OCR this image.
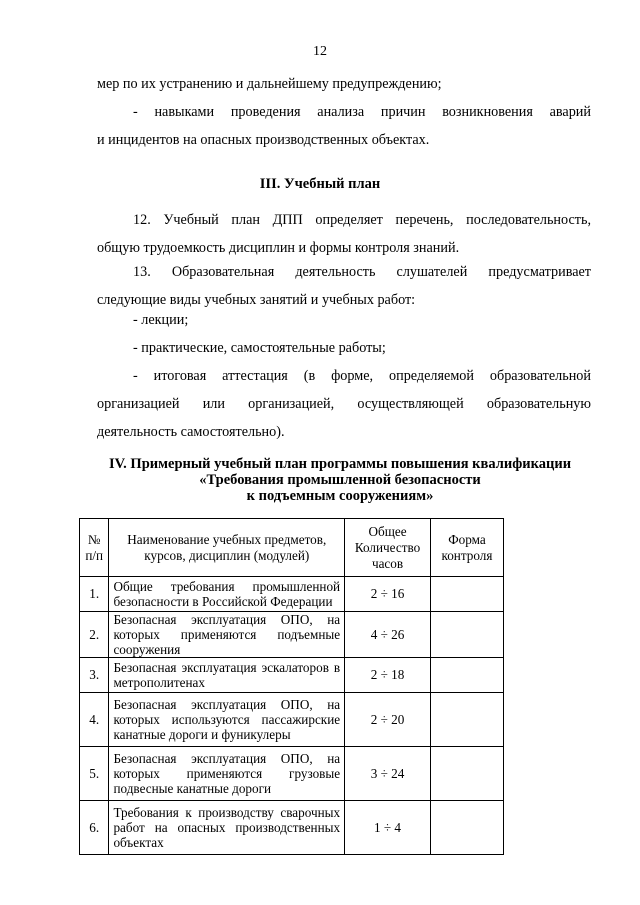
12

мер по их устранению и дальнейшему предупреждению;

- навыками проведения анализа причин возникновения аварий
и инцидентов на опасных производственных объектах.

III. Учебный план

12. Учебный план ДПП определяет перечень, последовательность,
общую трудоемкость дисциплин и формы контроля знаний.

13. Образовательная деятельность слушателей предусматривает
следующие виды учебных занятий и учебных работ:

- лекции;

- практические, самостоятельные работы;

- итоговая аттестация (в форме, определяемой образовательной
организацией или организацией, осуществляющей образовательную
деятельность самостоятельно).

IV. Примерный учебный план программы повышения квалификации
«Требования промышленной безопасности
к подъемным сооружениям»
№ п/п	Наименование учебных предметов, курсов, дисциплин (модулей)	Общее Количество часов	Форма контроля
1.	Общие требования промышленной безопасности в Российской Федерации	2 ÷ 16	
2.	Безопасная эксплуатация ОПО, на которых применяются подъемные сооружения	4 ÷ 26	
3.	Безопасная эксплуатация эскалаторов в метрополитенах	2 ÷ 18	
4.	Безопасная эксплуатация ОПО, на которых используются пассажирские канатные дороги и фуникулеры	2 ÷ 20	
5.	Безопасная эксплуатация ОПО, на которых применяются грузовые подвесные канатные дороги	3 ÷ 24	
6.	Требования к производству сварочных работ на опасных производственных объектах	1 ÷ 4	
